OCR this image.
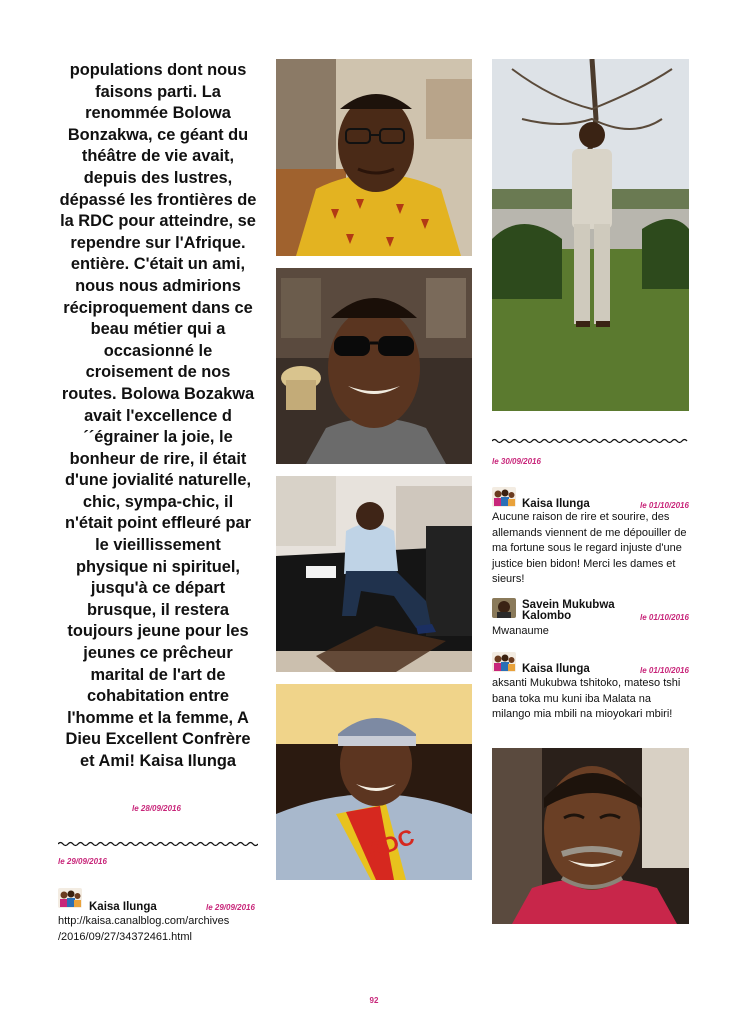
populations dont nous faisons parti. La renommée Bolowa Bonzakwa, ce géant du théâtre de vie avait, depuis des lustres, dépassé les frontières de la RDC pour atteindre, se rependre sur l'Afrique. entière. C'était un ami, nous nous admirions réciproquement dans ce beau métier qui a occasionné le croisement de nos routes. Bolowa Bozakwa avait l'excellence d´´égrainer la joie, le bonheur de rire, il était d'une jovialité naturelle, chic, sympa-chic, il n'était point effleuré par le vieillissement physique ni spirituel, jusqu'à ce départ brusque, il restera toujours jeune pour les jeunes ce prêcheur marital de l'art de cohabitation entre l'homme et la femme, A Dieu Excellent Confrère et Ami! Kaisa Ilunga
le 28/09/2016
le 29/09/2016
Kaisa Ilunga	le 29/09/2016
http://kaisa.canalblog.com/archives
/2016/09/27/34372461.html
RDC
le 30/09/2016
Kaisa Ilunga	le 01/10/2016
Aucune raison de rire et sourire, des allemands viennent de me dépouiller de ma fortune sous le regard injuste d'une justice bien bidon! Merci les dames et sieurs!
Savein Mukubwa
Kalombo	le 01/10/2016
Mwanaume
Kaisa Ilunga	le 01/10/2016
aksanti Mukubwa tshitoko, mateso tshi bana toka mu kuni iba Malata na milango mia mbili na mioyokari mbiri!
92
